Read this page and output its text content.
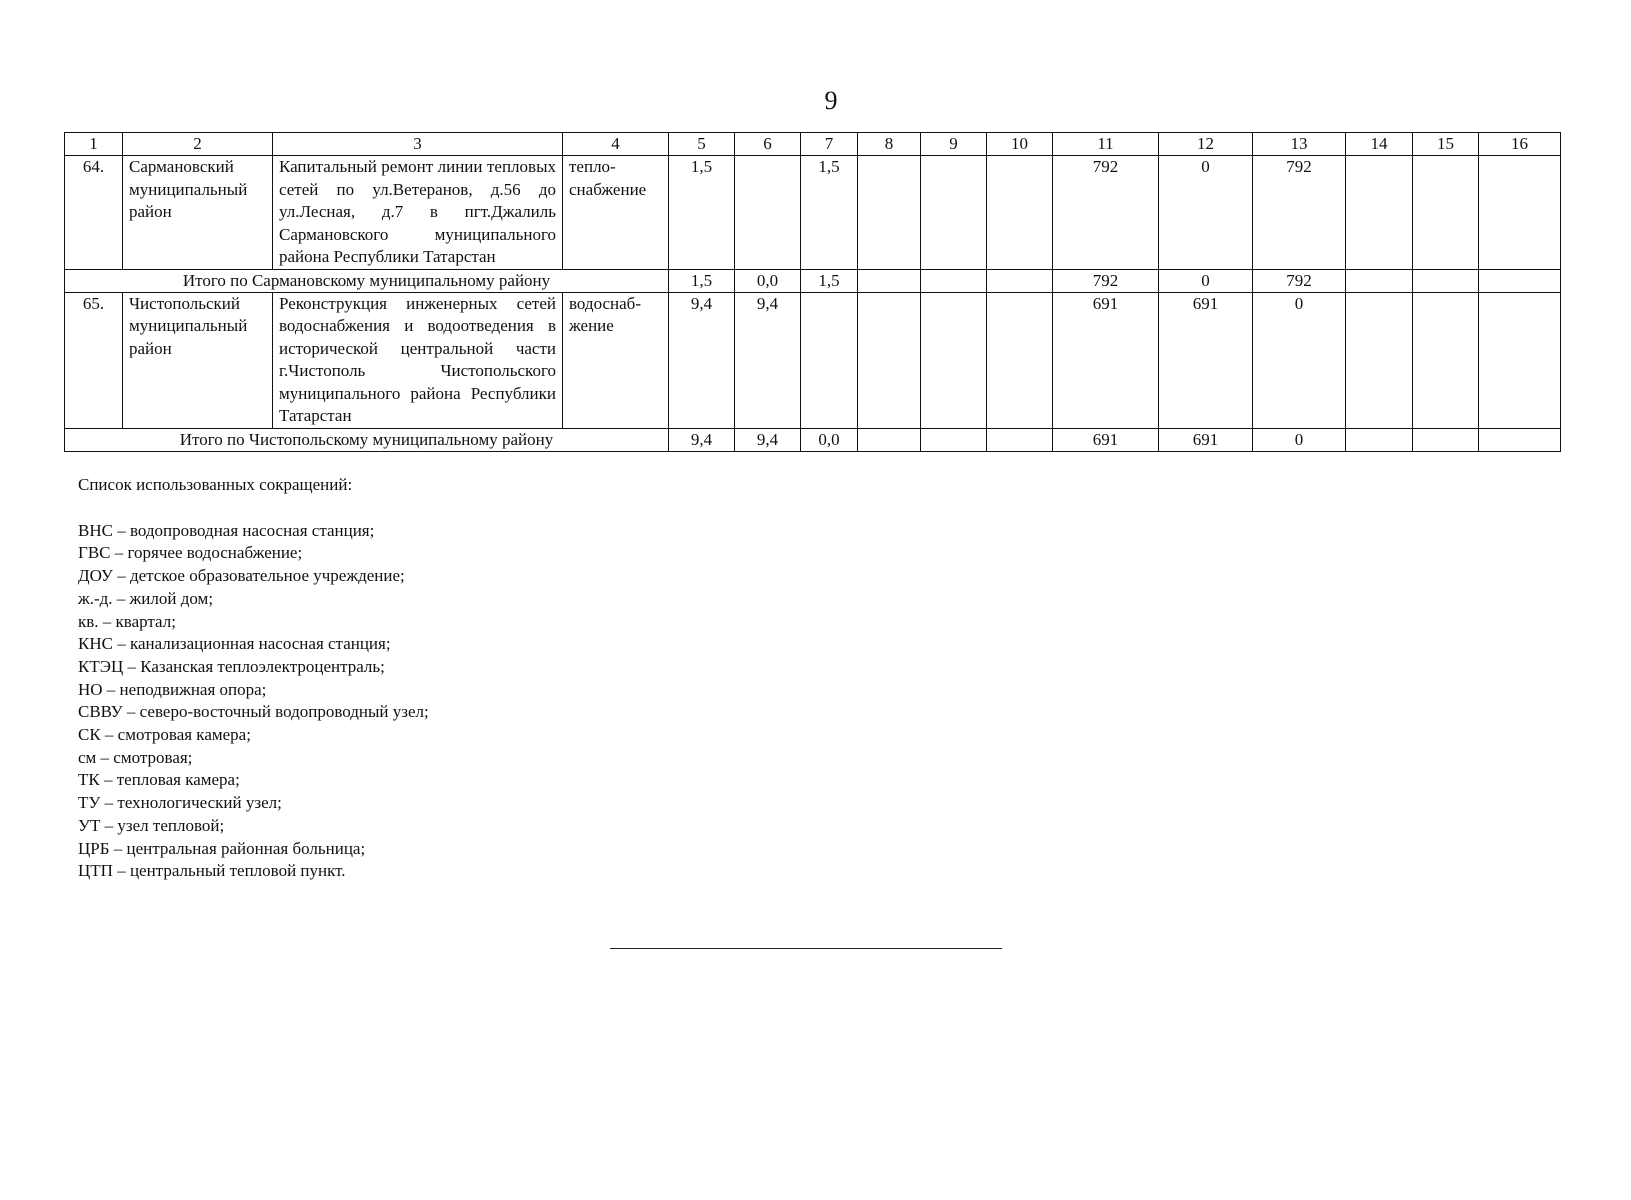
9
1	2	3	4	5	6	7	8	9	10	11	12	13	14	15	16
64.	Сармановский муниципальный район	Капитальный ремонт линии тепловых сетей по ул.Ветеранов, д.56 до ул.Лесная, д.7 в пгт.Джалиль Сармановского муниципального района Республики Татарстан	тепло-снабжение	1,5		1,5				792	0	792			
Итого по Сармановскому муниципальному району				1,5	0,0	1,5				792	0	792			
65.	Чистопольский муниципальный район	Реконструкция инженерных сетей водоснабжения и водоотведения в исторической центральной части г.Чистополь Чистопольского муниципального района Республики Татарстан	водоснаб-жение	9,4	9,4					691	691	0			
Итого по Чистопольскому муниципальному району				9,4	9,4	0,0				691	691	0			
Список использованных сокращений:
ВНС – водопроводная насосная станция;
ГВС – горячее водоснабжение;
ДОУ – детское образовательное учреждение;
ж.-д. – жилой дом;
кв. – квартал;
КНС – канализационная насосная станция;
КТЭЦ – Казанская теплоэлектроцентраль;
НО – неподвижная опора;
СВВУ – северо-восточный водопроводный узел;
СК – смотровая камера;
см – смотровая;
ТК – тепловая камера;
ТУ – технологический узел;
УТ – узел тепловой;
ЦРБ – центральная районная больница;
ЦТП – центральный тепловой пункт.
